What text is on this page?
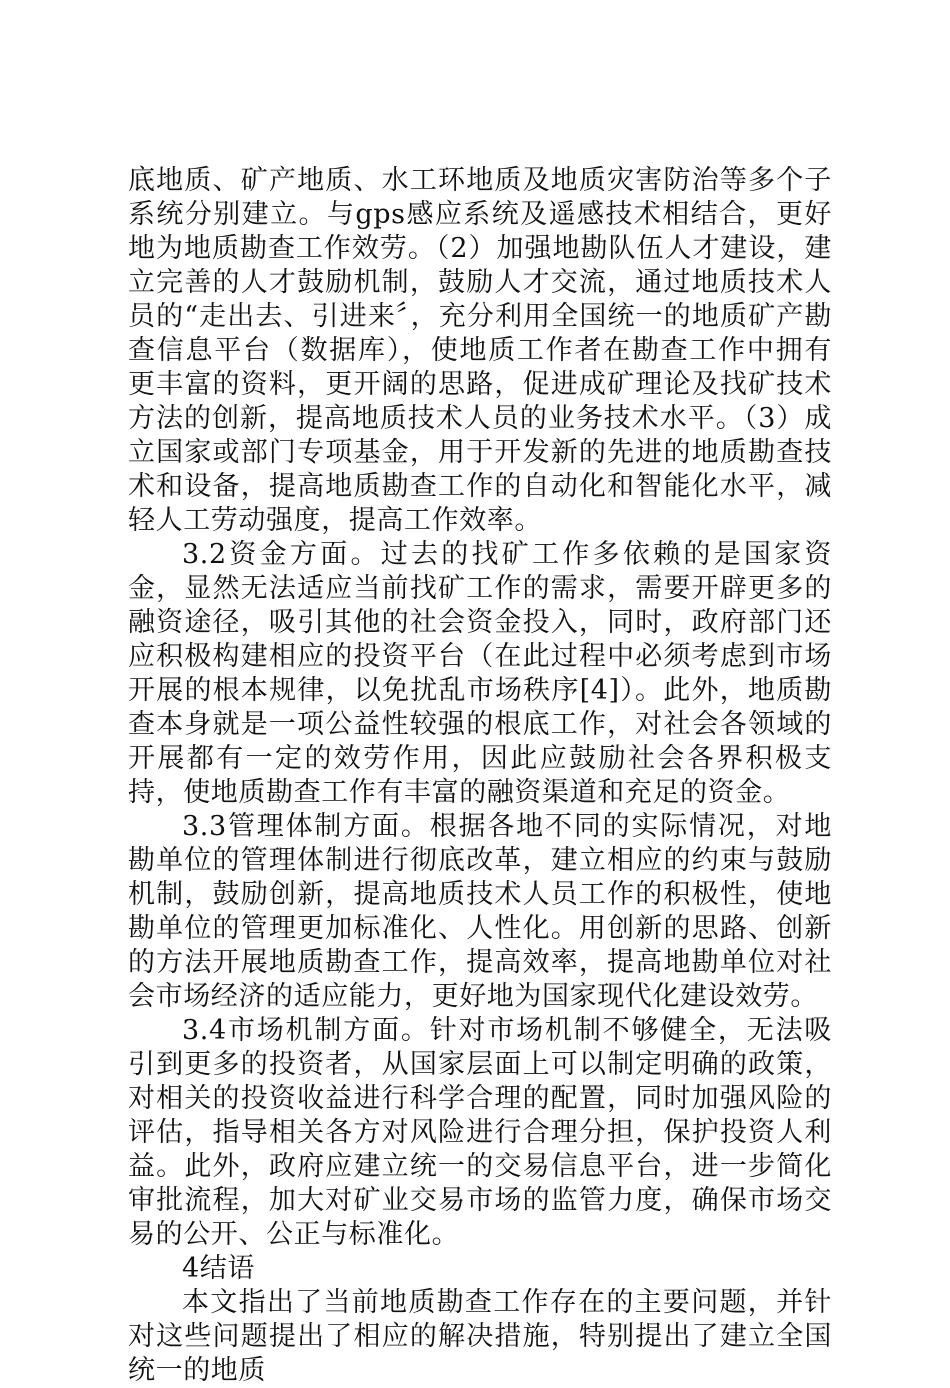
底地质、矿产地质、水工环地质及地质灾害防治等多个子系统分别建立。与gps感应系统及遥感技术相结合，更好地为地质勘查工作效劳。（2）加强地勘队伍人才建设，建立完善的人才鼓励机制，鼓励人才交流，通过地质技术人员的“走出去、引进来〞，充分利用全国统一的地质矿产勘查信息平台（数据库），使地质工作者在勘查工作中拥有更丰富的资料，更开阔的思路，促进成矿理论及找矿技术方法的创新，提高地质技术人员的业务技术水平。（3）成立国家或部门专项基金，用于开发新的先进的地质勘查技术和设备，提高地质勘查工作的自动化和智能化水平，减轻人工劳动强度，提高工作效率。

3.2资金方面。过去的找矿工作多依赖的是国家资金，显然无法适应当前找矿工作的需求，需要开辟更多的融资途径，吸引其他的社会资金投入，同时，政府部门还应积极构建相应的投资平台（在此过程中必须考虑到市场开展的根本规律，以免扰乱市场秩序[4]）。此外，地质勘查本身就是一项公益性较强的根底工作，对社会各领域的开展都有一定的效劳作用，因此应鼓励社会各界积极支持，使地质勘查工作有丰富的融资渠道和充足的资金。

3.3管理体制方面。根据各地不同的实际情况，对地勘单位的管理体制进行彻底改革，建立相应的约束与鼓励机制，鼓励创新，提高地质技术人员工作的积极性，使地勘单位的管理更加标准化、人性化。用创新的思路、创新的方法开展地质勘查工作，提高效率，提高地勘单位对社会市场经济的适应能力，更好地为国家现代化建设效劳。

3.4市场机制方面。针对市场机制不够健全，无法吸引到更多的投资者，从国家层面上可以制定明确的政策，对相关的投资收益进行科学合理的配置，同时加强风险的评估，指导相关各方对风险进行合理分担，保护投资人利益。此外，政府应建立统一的交易信息平台，进一步简化审批流程，加大对矿业交易市场的监管力度，确保市场交易的公开、公正与标准化。

4结语

本文指出了当前地质勘查工作存在的主要问题，并针对这些问题提出了相应的解决措施，特别提出了建立全国统一的地质
